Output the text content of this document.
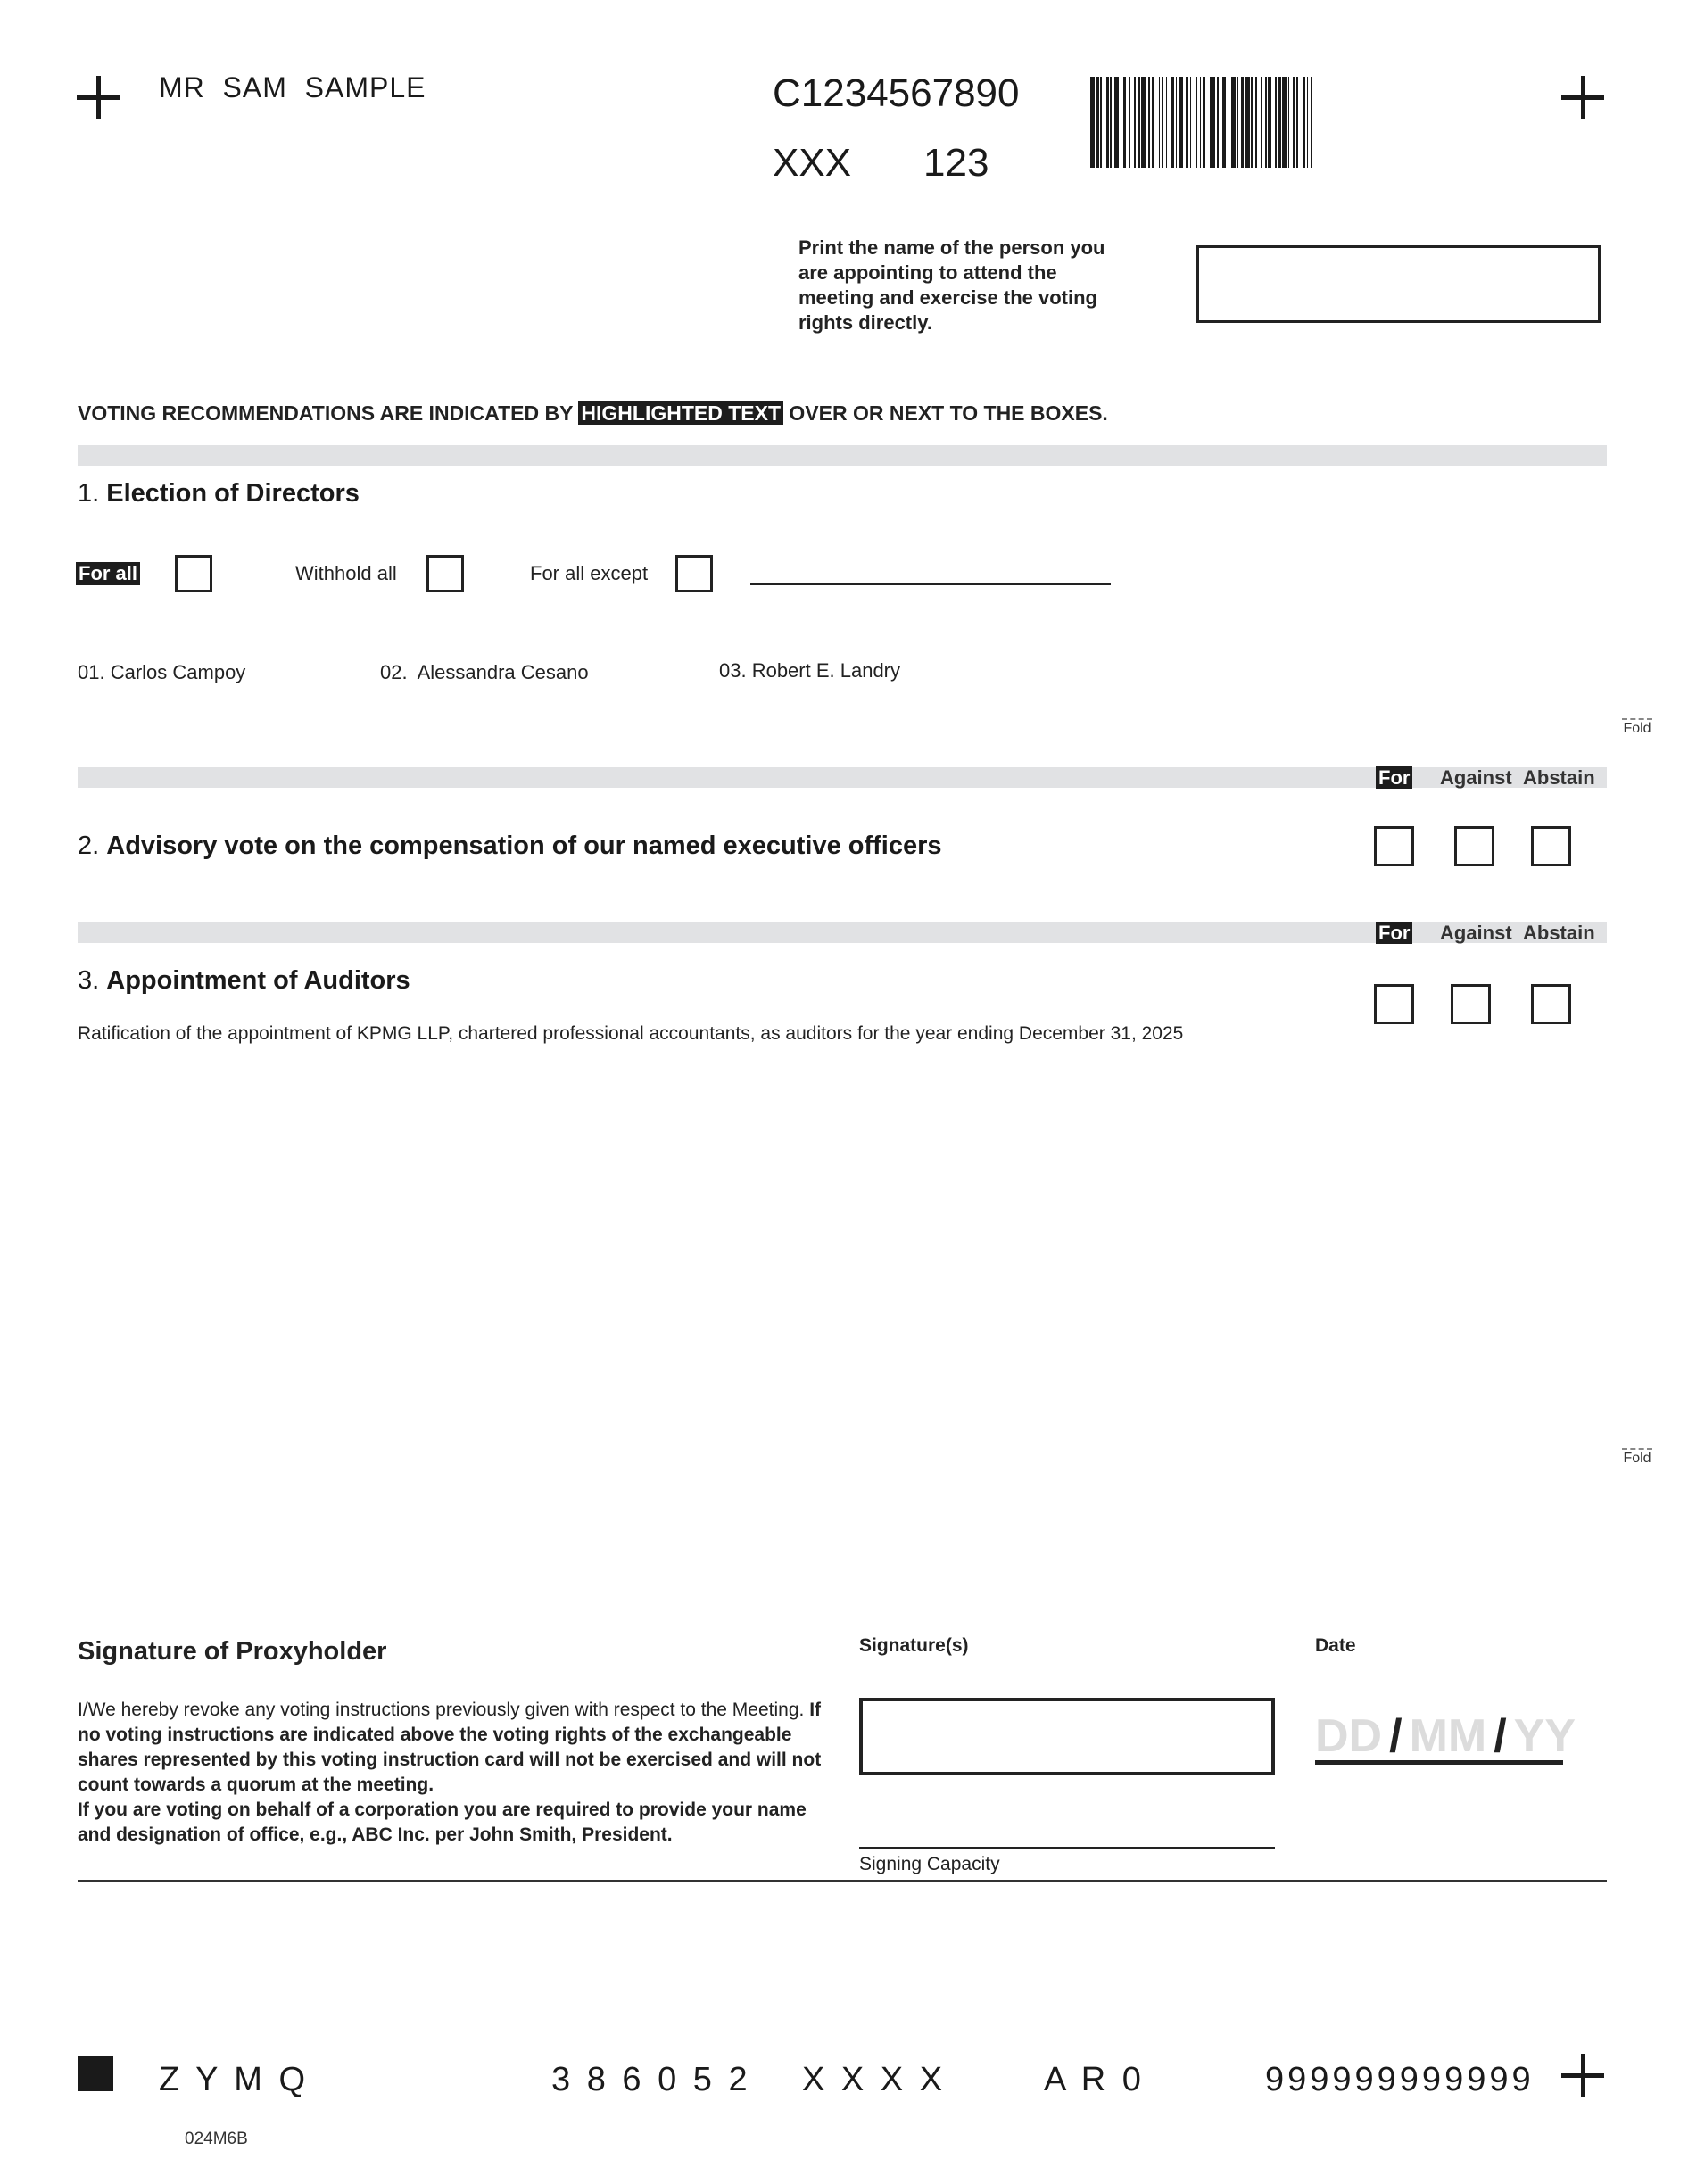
MR  SAM  SAMPLE	C1234567890
XXX 123
Print the name of the person you are appointing to attend the meeting and exercise the voting rights directly.
VOTING RECOMMENDATIONS ARE INDICATED BY HIGHLIGHTED TEXT OVER OR NEXT TO THE BOXES.
1. Election of Directors
For all	Withhold all	For all except
01. Carlos Campoy	02.  Alessandra Cesano	03. Robert E. Landry
Fold
For Against Abstain
2. Advisory vote on the compensation of our named executive officers
For Against Abstain
3. Appointment of Auditors
Ratification of the appointment of KPMG LLP, chartered professional accountants, as auditors for the year ending December 31, 2025
Fold
Signature of Proxyholder
I/We hereby revoke any voting instructions previously given with respect to the Meeting. If no voting instructions are indicated above the voting rights of the exchangeable shares represented by this voting instruction card will not be exercised and will not count towards a quorum at the meeting.
If you are voting on behalf of a corporation you are required to provide your name and designation of office, e.g., ABC Inc. per John Smith, President.
Signature(s)
Signing Capacity
Date
DD / MM / YY
Z Y M Q	3 8 6 0 5 2 X X X X	A R 0	999999999999
024M6B
